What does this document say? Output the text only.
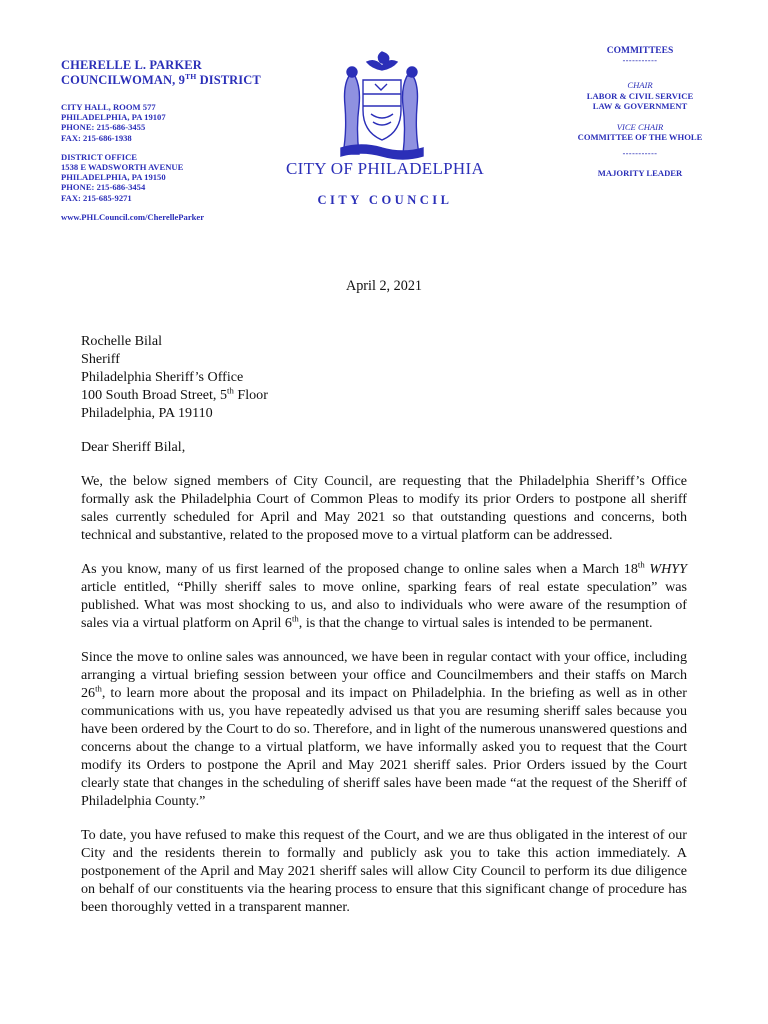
CHERELLE L. PARKER
COUNCILWOMAN, 9TH DISTRICT
CITY HALL, ROOM 577
PHILADELPHIA, PA 19107
PHONE: 215-686-3455
FAX: 215-686-1938
DISTRICT OFFICE
1538 E WADSWORTH AVENUE
PHILADELPHIA, PA 19150
PHONE: 215-686-3454
FAX: 215-685-9271
www.PHLCouncil.com/CherelleParker
CITY OF PHILADELPHIA
CITY COUNCIL
COMMITTEES
-----------
CHAIR
LABOR & CIVIL SERVICE
LAW & GOVERNMENT
VICE CHAIR
COMMITTEE OF THE WHOLE
-----------
MAJORITY LEADER
April 2, 2021
Rochelle Bilal
Sheriff
Philadelphia Sheriff’s Office
100 South Broad Street, 5th Floor
Philadelphia, PA 19110
Dear Sheriff Bilal,
We, the below signed members of City Council, are requesting that the Philadelphia Sheriff’s Office formally ask the Philadelphia Court of Common Pleas to modify its prior Orders to postpone all sheriff sales currently scheduled for April and May 2021 so that outstanding questions and concerns, both technical and substantive, related to the proposed move to a virtual platform can be addressed.
As you know, many of us first learned of the proposed change to online sales when a March 18th WHYY article entitled, “Philly sheriff sales to move online, sparking fears of real estate speculation” was published. What was most shocking to us, and also to individuals who were aware of the resumption of sales via a virtual platform on April 6th, is that the change to virtual sales is intended to be permanent.
Since the move to online sales was announced, we have been in regular contact with your office, including arranging a virtual briefing session between your office and Councilmembers and their staffs on March 26th, to learn more about the proposal and its impact on Philadelphia. In the briefing as well as in other communications with us, you have repeatedly advised us that you are resuming sheriff sales because you have been ordered by the Court to do so. Therefore, and in light of the numerous unanswered questions and concerns about the change to a virtual platform, we have informally asked you to request that the Court modify its Orders to postpone the April and May 2021 sheriff sales. Prior Orders issued by the Court clearly state that changes in the scheduling of sheriff sales have been made “at the request of the Sheriff of Philadelphia County.”
To date, you have refused to make this request of the Court, and we are thus obligated in the interest of our City and the residents therein to formally and publicly ask you to take this action immediately. A postponement of the April and May 2021 sheriff sales will allow City Council to perform its due diligence on behalf of our constituents via the hearing process to ensure that this significant change of procedure has been thoroughly vetted in a transparent manner.
